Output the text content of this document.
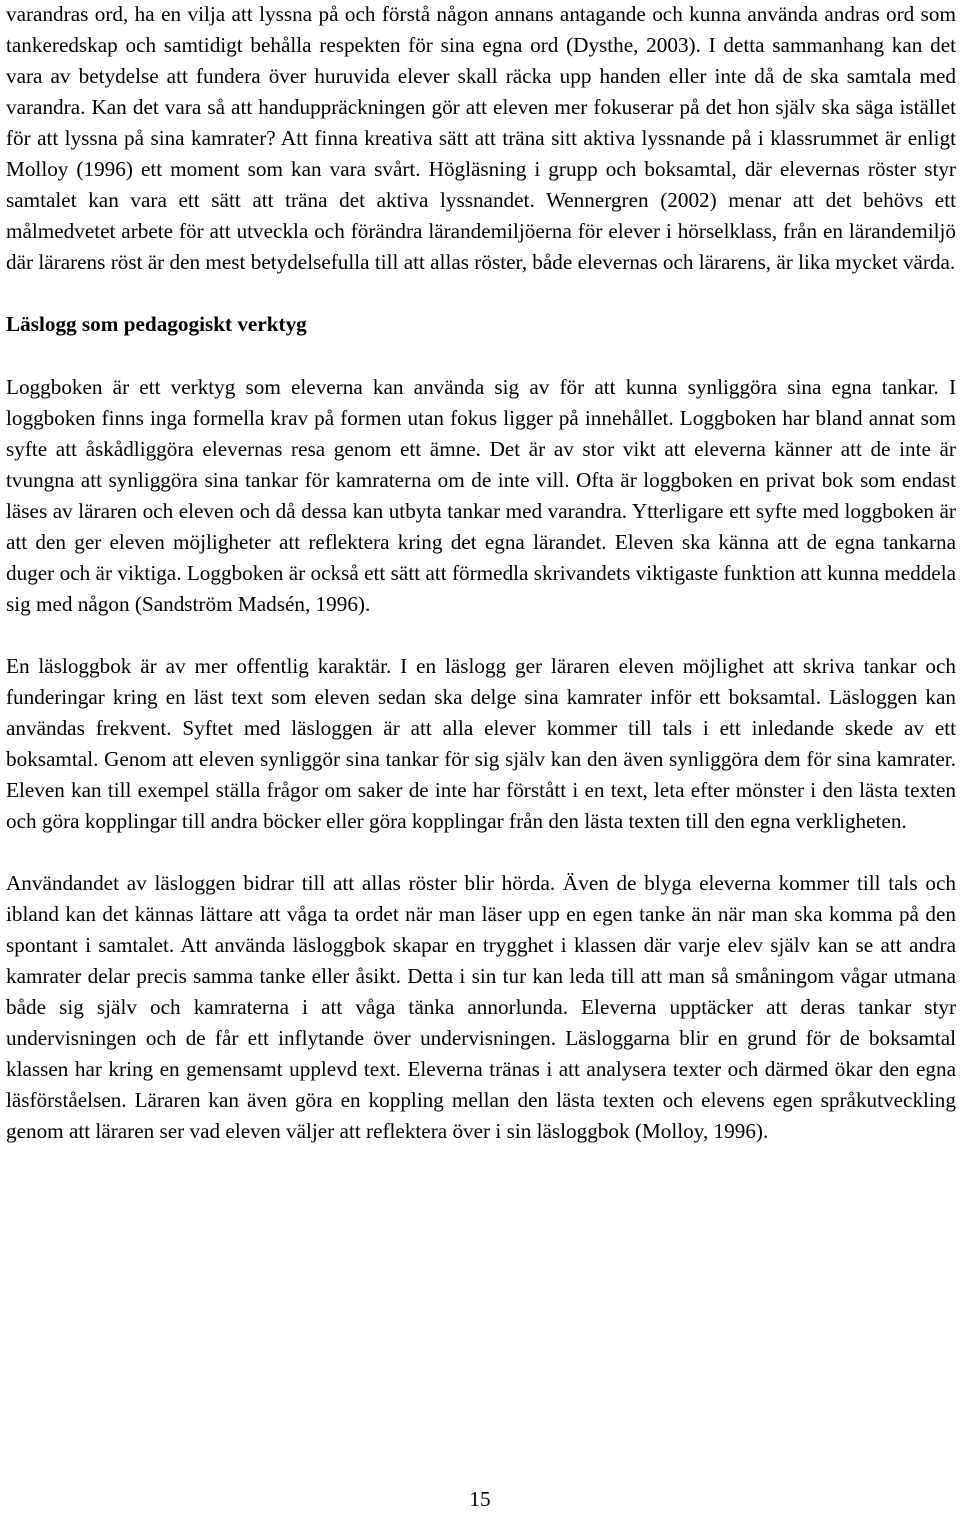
varandras ord, ha en vilja att lyssna på och förstå någon annans antagande och kunna använda andras ord som tankeredskap och samtidigt behålla respekten för sina egna ord (Dysthe, 2003). I detta sammanhang kan det vara av betydelse att fundera över huruvida elever skall räcka upp handen eller inte då de ska samtala med varandra. Kan det vara så att handuppräckningen gör att eleven mer fokuserar på det hon själv ska säga istället för att lyssna på sina kamrater? Att finna kreativa sätt att träna sitt aktiva lyssnande på i klassrummet är enligt Molloy (1996) ett moment som kan vara svårt. Högläsning i grupp och boksamtal, där elevernas röster styr samtalet kan vara ett sätt att träna det aktiva lyssnandet. Wennergren (2002) menar att det behövs ett målmedvetet arbete för att utveckla och förändra lärandemiljöerna för elever i hörselklass, från en lärandemiljö där lärarens röst är den mest betydelsefulla till att allas röster, både elevernas och lärarens, är lika mycket värda.

Läslogg som pedagogiskt verktyg

Loggboken är ett verktyg som eleverna kan använda sig av för att kunna synliggöra sina egna tankar. I loggboken finns inga formella krav på formen utan fokus ligger på innehållet. Loggboken har bland annat som syfte att åskådliggöra elevernas resa genom ett ämne. Det är av stor vikt att eleverna känner att de inte är tvungna att synliggöra sina tankar för kamraterna om de inte vill. Ofta är loggboken en privat bok som endast läses av läraren och eleven och då dessa kan utbyta tankar med varandra. Ytterligare ett syfte med loggboken är att den ger eleven möjligheter att reflektera kring det egna lärandet. Eleven ska känna att de egna tankarna duger och är viktiga. Loggboken är också ett sätt att förmedla skrivandets viktigaste funktion att kunna meddela sig med någon (Sandström Madsén, 1996).

En läsloggbok är av mer offentlig karaktär. I en läslogg ger läraren eleven möjlighet att skriva tankar och funderingar kring en läst text som eleven sedan ska delge sina kamrater inför ett boksamtal. Läsloggen kan användas frekvent. Syftet med läsloggen är att alla elever kommer till tals i ett inledande skede av ett boksamtal. Genom att eleven synliggör sina tankar för sig själv kan den även synliggöra dem för sina kamrater. Eleven kan till exempel ställa frågor om saker de inte har förstått i en text, leta efter mönster i den lästa texten och göra kopplingar till andra böcker eller göra kopplingar från den lästa texten till den egna verkligheten.

Användandet av läsloggen bidrar till att allas röster blir hörda. Även de blyga eleverna kommer till tals och ibland kan det kännas lättare att våga ta ordet när man läser upp en egen tanke än när man ska komma på den spontant i samtalet. Att använda läsloggbok skapar en trygghet i klassen där varje elev själv kan se att andra kamrater delar precis samma tanke eller åsikt. Detta i sin tur kan leda till att man så småningom vågar utmana både sig själv och kamraterna i att våga tänka annorlunda. Eleverna upptäcker att deras tankar styr undervisningen och de får ett inflytande över undervisningen. Läsloggarna blir en grund för de boksamtal klassen har kring en gemensamt upplevd text. Eleverna tränas i att analysera texter och därmed ökar den egna läsförståelsen. Läraren kan även göra en koppling mellan den lästa texten och elevens egen språkutveckling genom att läraren ser vad eleven väljer att reflektera över i sin läsloggbok (Molloy, 1996).

15
